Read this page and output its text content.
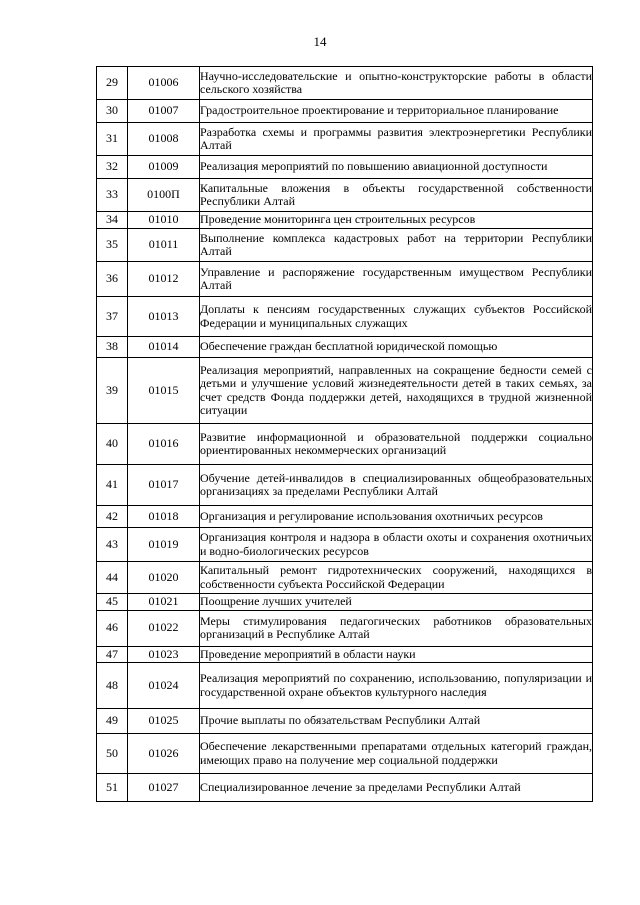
14
29	01006	Научно-исследовательские и опытно-конструкторские работы в области сельского хозяйства
30	01007	Градостроительное проектирование и территориальное планирование
31	01008	Разработка схемы и программы развития электроэнергетики Республики Алтай
32	01009	Реализация мероприятий по повышению авиационной доступности
33	0100П	Капитальные вложения в объекты государственной собственности Республики Алтай
34	01010	Проведение мониторинга цен строительных ресурсов
35	01011	Выполнение комплекса кадастровых работ на территории Республики Алтай
36	01012	Управление и распоряжение государственным имуществом Республики Алтай
37	01013	Доплаты к пенсиям государственных служащих субъектов Российской Федерации и муниципальных служащих
38	01014	Обеспечение граждан бесплатной юридической помощью
39	01015	Реализация мероприятий, направленных на сокращение бедности семей с детьми и улучшение условий жизнедеятельности детей в таких семьях, за счет средств Фонда поддержки детей, находящихся в трудной жизненной ситуации
40	01016	Развитие информационной и образовательной поддержки социально ориентированных некоммерческих организаций
41	01017	Обучение детей-инвалидов в специализированных общеобразовательных организациях за пределами Республики Алтай
42	01018	Организация и регулирование использования охотничьих ресурсов
43	01019	Организация контроля и надзора в области охоты и сохранения охотничьих и водно-биологических ресурсов
44	01020	Капитальный ремонт гидротехнических сооружений, находящихся в собственности субъекта Российской Федерации
45	01021	Поощрение лучших учителей
46	01022	Меры стимулирования педагогических работников образовательных организаций в Республике Алтай
47	01023	Проведение мероприятий в области науки
48	01024	Реализация мероприятий по сохранению, использованию, популяризации и государственной охране объектов культурного наследия
49	01025	Прочие выплаты по обязательствам Республики Алтай
50	01026	Обеспечение лекарственными препаратами отдельных категорий граждан, имеющих право на получение мер социальной поддержки
51	01027	Специализированное лечение за пределами Республики Алтай
